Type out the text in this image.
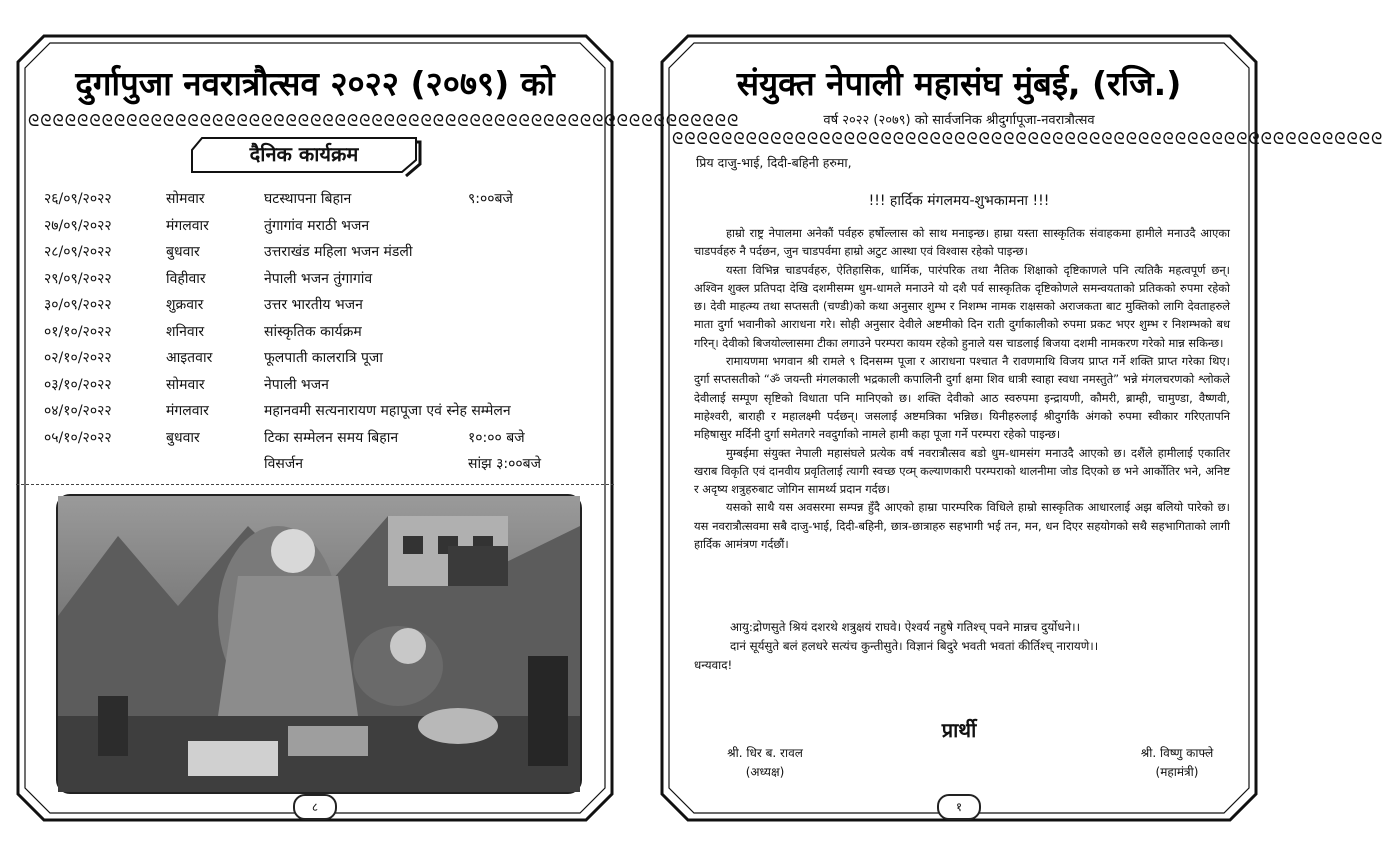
दुर्गापुजा नवरात्रौत्सव २०२२ (२०७९) को
ᘓᘓᘓᘓᘓᘓᘓᘓᘓᘓᘓᘓᘓᘓᘓᘓᘓᘓᘓᘓᘓᘓᘓᘓᘓᘓᘓᘓᘓᘓᘓᘓᘓᘓᘓᘓᘓᘓᘓᘓᘓᘓᘓᘓᘓᘓᘓᘓᘓᘓᘓᘓᘓᘓᘓᘓᘓᘓ
दैनिक कार्यक्रम
२६/०९/२०२२	सोमवार	घटस्थापना बिहान	९:००बजे
२७/०९/२०२२	मंगलवार	तुंगागांव मराठी भजन
२८/०९/२०२२	बुधवार	उत्तराखंड महिला भजन मंडली
२९/०९/२०२२	विहीवार	नेपाली भजन तुंगागांव
३०/०९/२०२२	शुक्रवार	उत्तर भारतीय भजन
०१/१०/२०२२	शनिवार	सांस्कृतिक कार्यक्रम
०२/१०/२०२२	आइतवार	फूलपाती कालरात्रि पूजा
०३/१०/२०२२	सोमवार	नेपाली भजन
०४/१०/२०२२	मंगलवार	महानवमी सत्यनारायण महापूजा एवं स्नेह सम्मेलन
०५/१०/२०२२	बुधवार	टिका सम्मेलन समय बिहान	१०:०० बजे
विसर्जन	सांझ ३:००बजे
८
संयुक्त नेपाली महासंघ मुंबई, (रजि.)
वर्ष २०२२ (२०७९) को सार्वजनिक श्रीदुर्गापूजा-नवरात्रौत्सव
ᘓᘓᘓᘓᘓᘓᘓᘓᘓᘓᘓᘓᘓᘓᘓᘓᘓᘓᘓᘓᘓᘓᘓᘓᘓᘓᘓᘓᘓᘓᘓᘓᘓᘓᘓᘓᘓᘓᘓᘓᘓᘓᘓᘓᘓᘓᘓᘓᘓᘓᘓᘓᘓᘓᘓᘓᘓᘓ
प्रिय दाजु-भाई, दिदी-बहिनी हरुमा,
!!! हार्दिक मंगलमय-शुभकामना !!!

हाम्रो राष्ट्र नेपालमा अनेकौं पर्वहरु हर्षोल्लास को साथ मनाइन्छ। हाम्रा यस्ता सास्कृतिक संवाहकमा हामीले मनाउदै आएका चाडपर्वहरु नै पर्दछन, जुन चाडपर्वमा हाम्रो अटुट आस्था एवं विश्वास रहेको पाइन्छ।

यस्ता विभिन्न चाडपर्वहरु, ऐतिहासिक, धार्मिक, पारंपरिक तथा नैतिक शिक्षाको दृष्टिकाणले पनि त्यतिकै महत्वपूर्ण छन्। अश्विन शुक्ल प्रतिपदा देखि दशमीसम्म धुम-धामले मनाउने यो दशै पर्व सास्कृतिक दृष्टिकोणले समन्वयताको प्रतिकको रुपमा रहेको छ। देवी माहत्म्य तथा सप्तसती (चण्डी)को कथा अनुसार शुम्भ र निशम्भ नामक राक्षसको अराजकता बाट मुक्तिको लागि देवताहरुले माता दुर्गा भवानीको आराधना गरे। सोही अनुसार देवीले अष्टमीको दिन राती दुर्गाकालीको रुपमा प्रकट भएर शुम्भ र निशम्भको बध गरिन्। देवीको बिजयोल्लासमा टीका लगाउने परम्परा कायम रहेको हुनाले यस चाडलाई बिजया दशमी नामकरण गरेको मान्न सकिन्छ।

रामायणमा भगवान श्री रामले ९ दिनसम्म पूजा र आराधना पश्चात नै रावणमाथि विजय प्राप्त गर्ने शक्ति प्राप्त गरेका थिए। दुर्गा सप्तसतीको “ॐ जयन्ती मंगलकाली भद्रकाली कपालिनी दुर्गा क्षमा शिव धात्री स्वाहा स्वधा नमस्तुते” भन्ने मंगलचरणको श्लोकले देवीलाई सम्पूण सृष्टिको विधाता पनि मानिएको छ। शक्ति देवीको आठ स्वरुपमा इन्द्रायणी, कौमरी, ब्राम्ही, चामुण्डा, वैष्णवी, माहेश्वरी, बाराही र महालक्ष्मी पर्दछन्। जसलाई अष्टमत्रिका भन्निछ। यिनीहरुलाई श्रीदुर्गाकै अंगको रुपमा स्वीकार गरिएतापनि महिषासुर मर्दिनी दुर्गा समेतगरे नवदुर्गाको नामले हामी कहा पूजा गर्ने परम्परा रहेको पाइन्छ।

मुम्बईमा संयुक्त नेपाली महासंघले प्रत्येक वर्ष नवरात्रौत्सव बडो धुम-धामसंग मनाउदै आएको छ। दशैंले हामीलाई एकातिर खराब विकृति एवं दानवीय प्रवृतिलाई त्यागी स्वच्छ एव्म् कल्याणकारी परम्पराको थालनीमा जोड दिएको छ भने आर्कोतिर भने, अनिष्ट र अदृष्य शत्रुहरुबाट जोगिन सामर्थ्य प्रदान गर्दछ।

यसको साथै यस अवसरमा सम्पन्न हुँदै आएको हाम्रा पारम्परिक विधिले हाम्रो सास्कृतिक आधारलाई अझ बलियो पारेको छ। यस नवरात्रौत्सवमा सबै दाजु-भाई, दिदी-बहिनी, छात्र-छात्राहरु सहभागी भई तन, मन, धन दिएर सहयोगको सथै सहभागिताको लागी हार्दिक आमंत्रण गर्दछौं।

आयु:द्रोणसुते श्रियं दशरथे शत्रुक्षयं राघवे। ऐश्वर्य नहुषे गतिश्च् पवने मान्नच दुर्योधने।।
दानं सूर्यसुते बलं हलधरे सत्यंच कुन्तीसुते। विज्ञानं बिदुरे भवती भवतां कीर्तिश्च् नारायणे।।
धन्यवाद!
प्रार्थी
श्री. धिर ब. रावल
(अध्यक्ष)
श्री. विष्णु काफ्ले
(महामंत्री)
१
